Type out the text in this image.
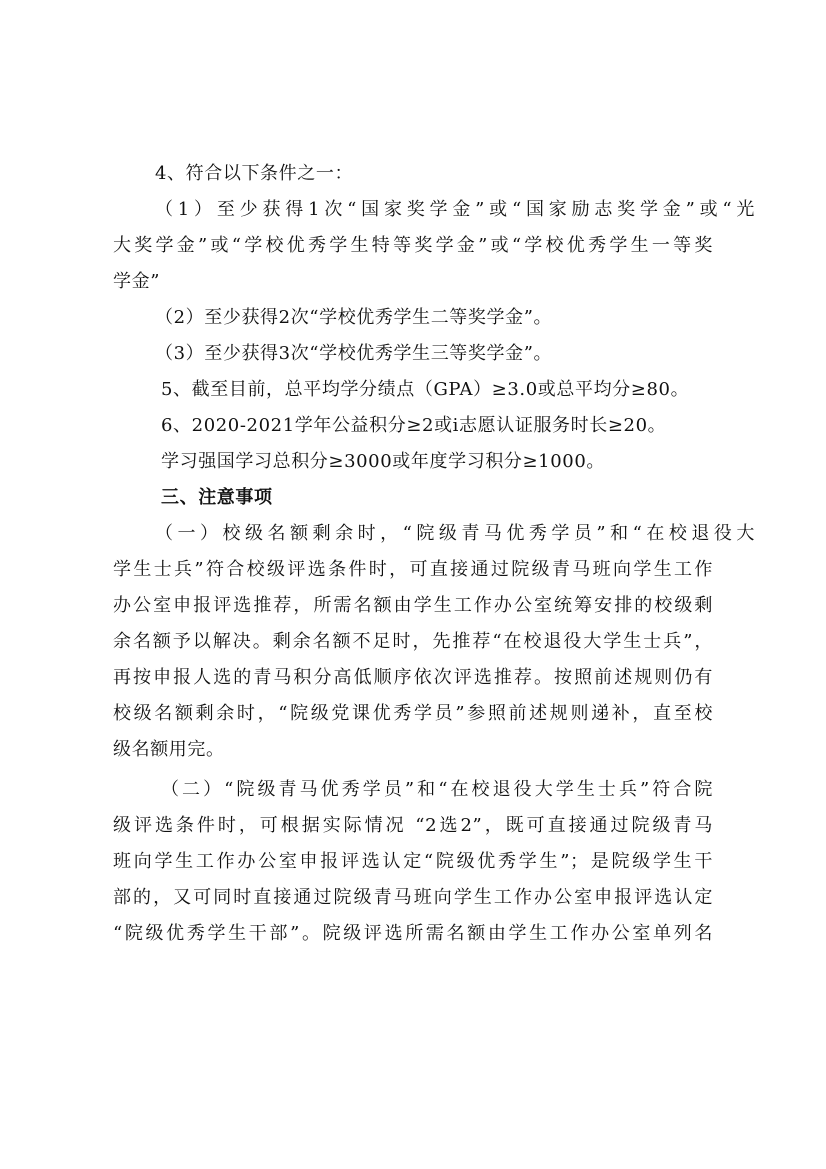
4、符合以下条件之一：
（1）至少获得1次“国家奖学金”或“国家励志奖学金”或“光
大奖学金”或“学校优秀学生特等奖学金”或“学校优秀学生一等奖
学金”
（2）至少获得2次“学校优秀学生二等奖学金”。
（3）至少获得3次“学校优秀学生三等奖学金”。
5、截至目前，总平均学分绩点（GPA）≥3.0或总平均分≥80。
6、2020-2021学年公益积分≥2或i志愿认证服务时长≥20。
学习强国学习总积分≥3000或年度学习积分≥1000。
三、注意事项
（一）校级名额剩余时，“院级青马优秀学员”和“在校退役大
学生士兵”符合校级评选条件时，可直接通过院级青马班向学生工作
办公室申报评选推荐，所需名额由学生工作办公室统筹安排的校级剩
余名额予以解决。剩余名额不足时，先推荐“在校退役大学生士兵”，
再按申报人选的青马积分高低顺序依次评选推荐。按照前述规则仍有
校级名额剩余时，“院级党课优秀学员”参照前述规则递补，直至校
级名额用完。
（二）“院级青马优秀学员”和“在校退役大学生士兵”符合院
级评选条件时，可根据实际情况 “2选2”，既可直接通过院级青马
班向学生工作办公室申报评选认定“院级优秀学生”；是院级学生干
部的，又可同时直接通过院级青马班向学生工作办公室申报评选认定
“院级优秀学生干部”。院级评选所需名额由学生工作办公室单列名
